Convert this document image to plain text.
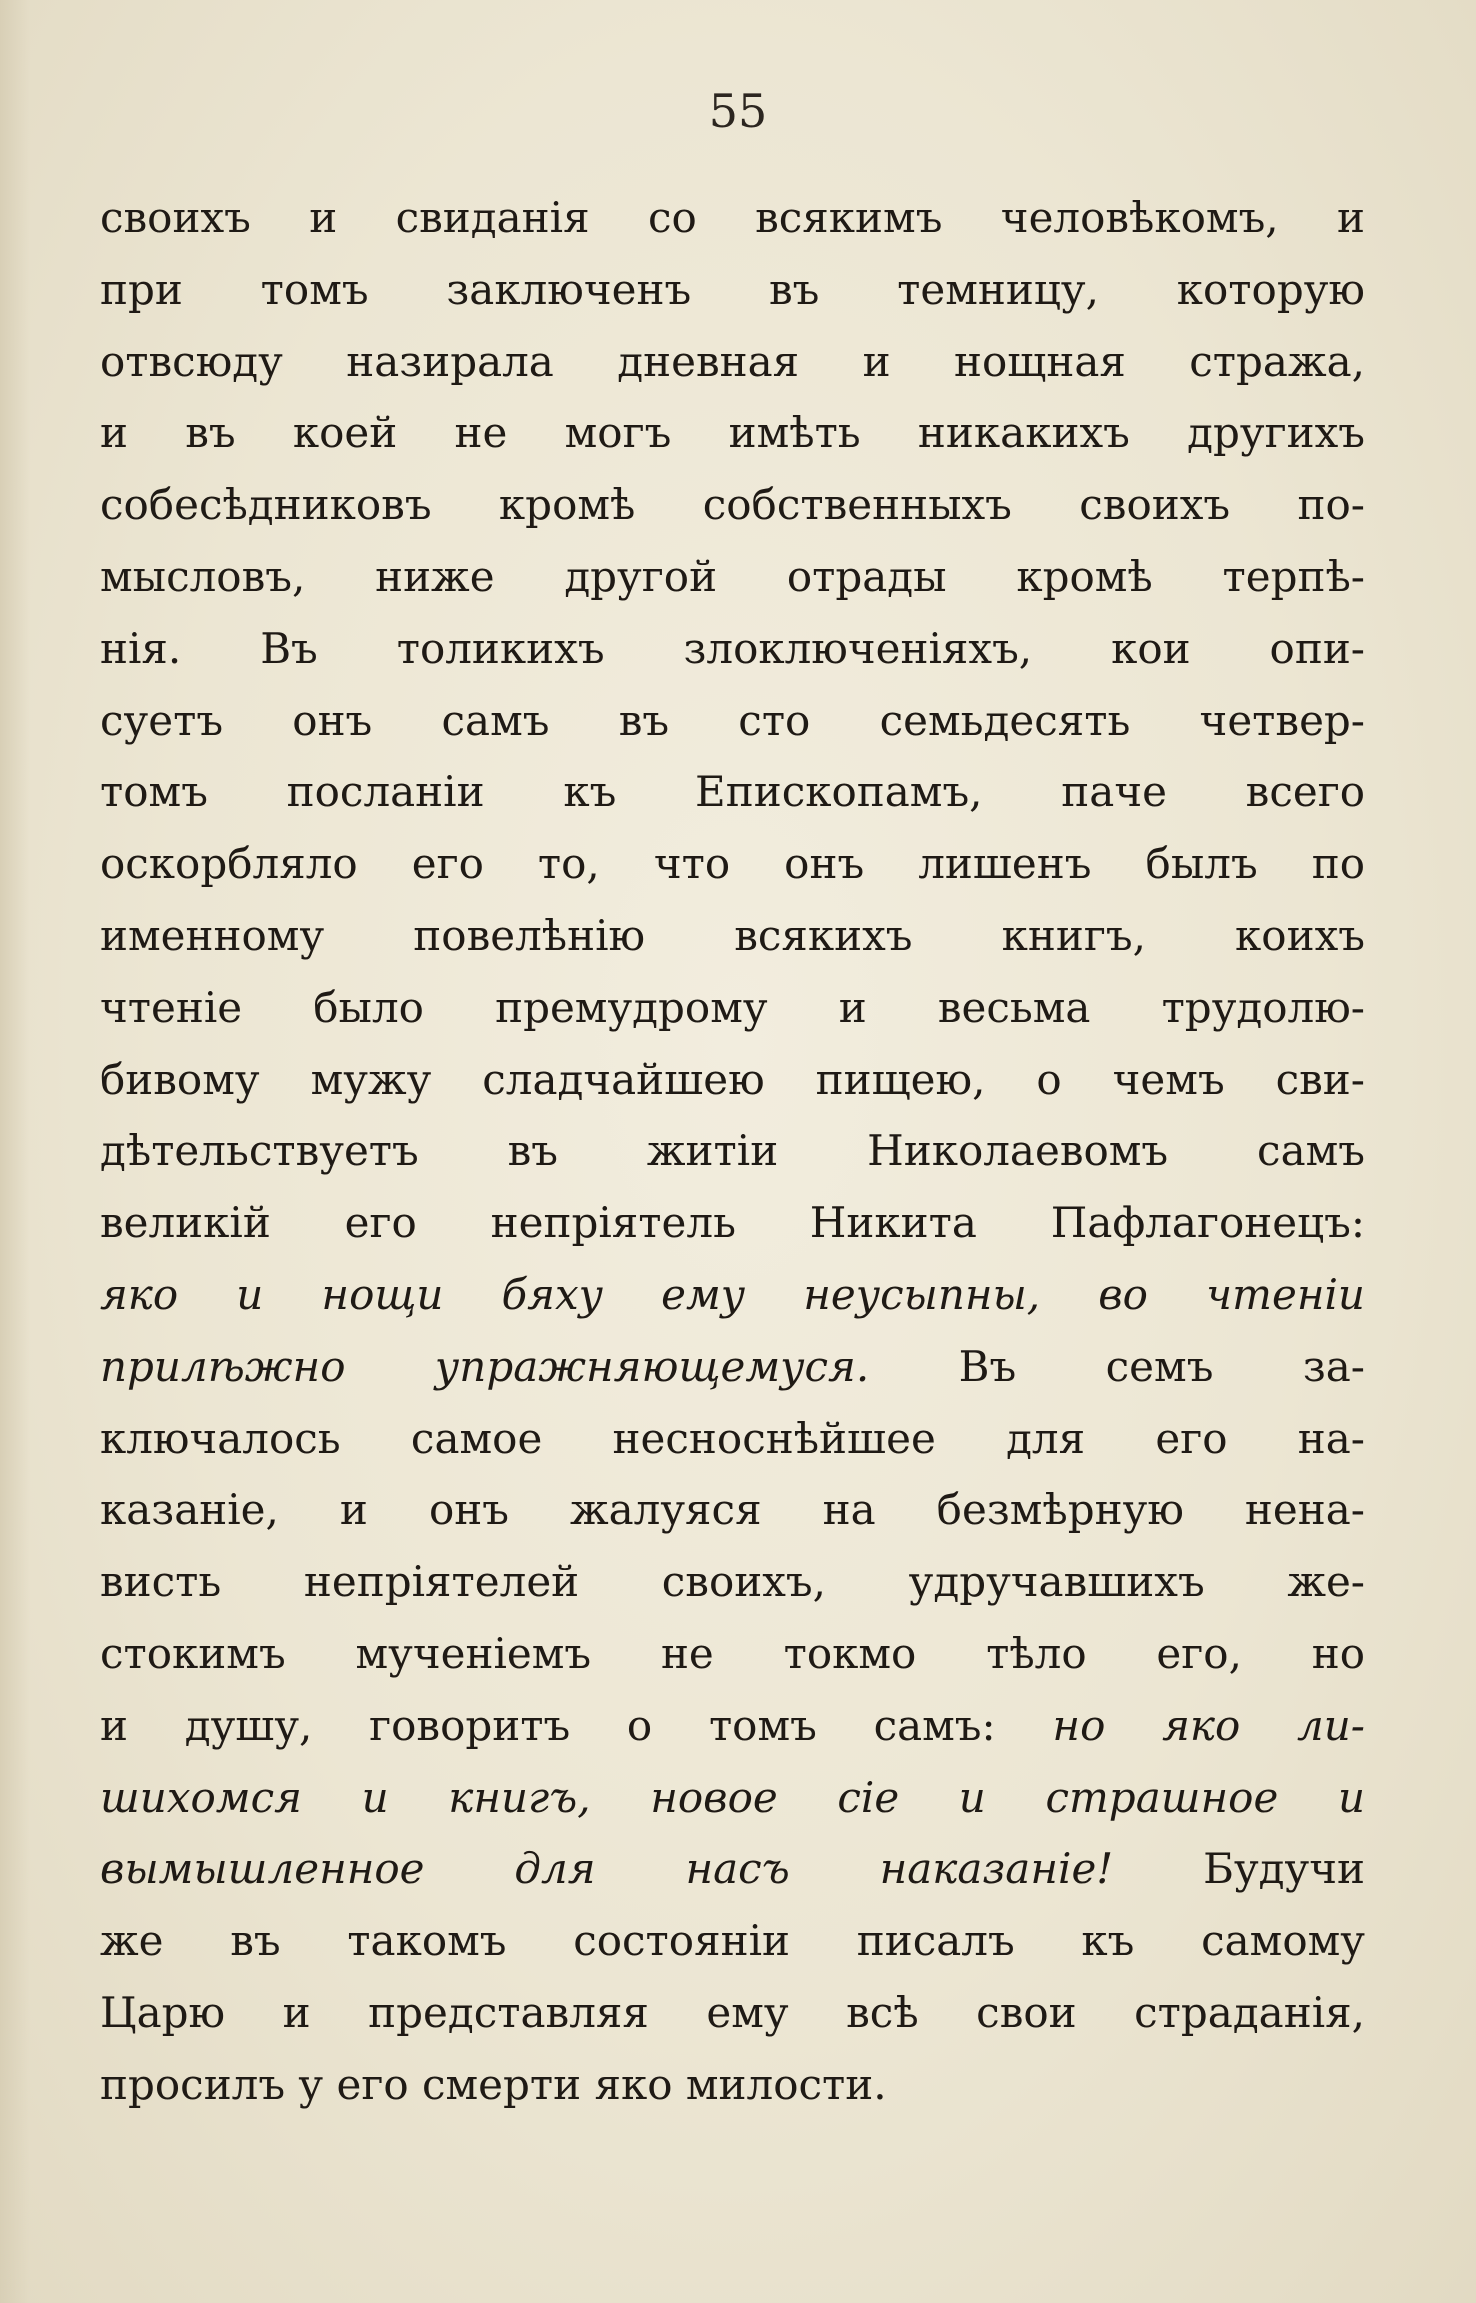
55
своихъ и свиданія со всякимъ человѣкомъ, и
при томъ заключенъ въ темницу, которую
отвсюду назирала дневная и нощная стража,
и въ коей не могъ имѣть никакихъ другихъ
собесѣдниковъ кромѣ собственныхъ своихъ по-
мысловъ, ниже другой отрады кромѣ терпѣ-
нія. Въ толикихъ злоключеніяхъ, кои опи-
суетъ онъ самъ въ сто семьдесять четвер-
томъ посланіи къ Епископамъ, паче всего
оскорбляло его то, что онъ лишенъ былъ по
именному повелѣнію всякихъ книгъ, коихъ
чтеніе было премудрому и весьма трудолю-
бивому мужу сладчайшею пищею, о чемъ сви-
дѣтельствуетъ въ житіи Николаевомъ самъ
великій его непріятель Никита Пафлагонецъ:
яко и нощи бяху ему неусыпны, во чтеніи
прилѣжно упражняющемуся. Въ семъ за-
ключалось самое несноснѣйшее для его на-
казаніе, и онъ жалуяся на безмѣрную нена-
висть непріятелей своихъ, удручавшихъ же-
стокимъ мученіемъ не токмо тѣло его, но
и душу, говоритъ о томъ самъ: но яко ли-
шихомся и книгъ, новое сіе и страшное и
вымышленное для насъ наказаніе! Будучи
же въ такомъ состояніи писалъ къ самому
Царю и представляя ему всѣ свои страданія,
просилъ у его смерти яко милости.
